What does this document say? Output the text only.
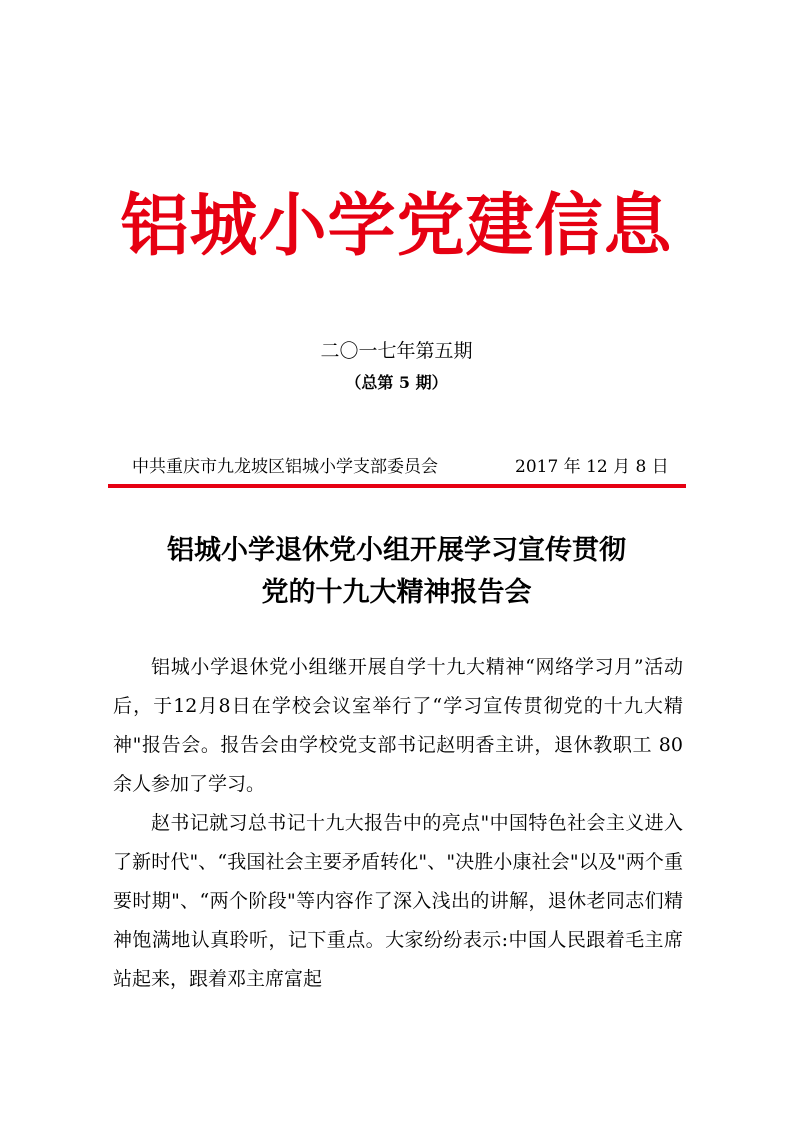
铝城小学党建信息
二〇一七年第五期
（总第 5 期）
中共重庆市九龙坡区铝城小学支部委员会	2017 年 12 月 8 日
铝城小学退休党小组开展学习宣传贯彻
党的十九大精神报告会

铝城小学退休党小组继开展自学十九大精神“网络学习月”活动后，于12月8日在学校会议室举行了“学习宣传贯彻党的十九大精神"报告会。报告会由学校党支部书记赵明香主讲，退休教职工 80 余人参加了学习。

赵书记就习总书记十九大报告中的亮点"中国特色社会主义进入了新时代"、“我国社会主要矛盾转化"、"决胜小康社会"以及"两个重要时期"、“两个阶段"等内容作了深入浅出的讲解，退休老同志们精神饱满地认真聆听，记下重点。大家纷纷表示:中国人民跟着毛主席站起来，跟着邓主席富起
